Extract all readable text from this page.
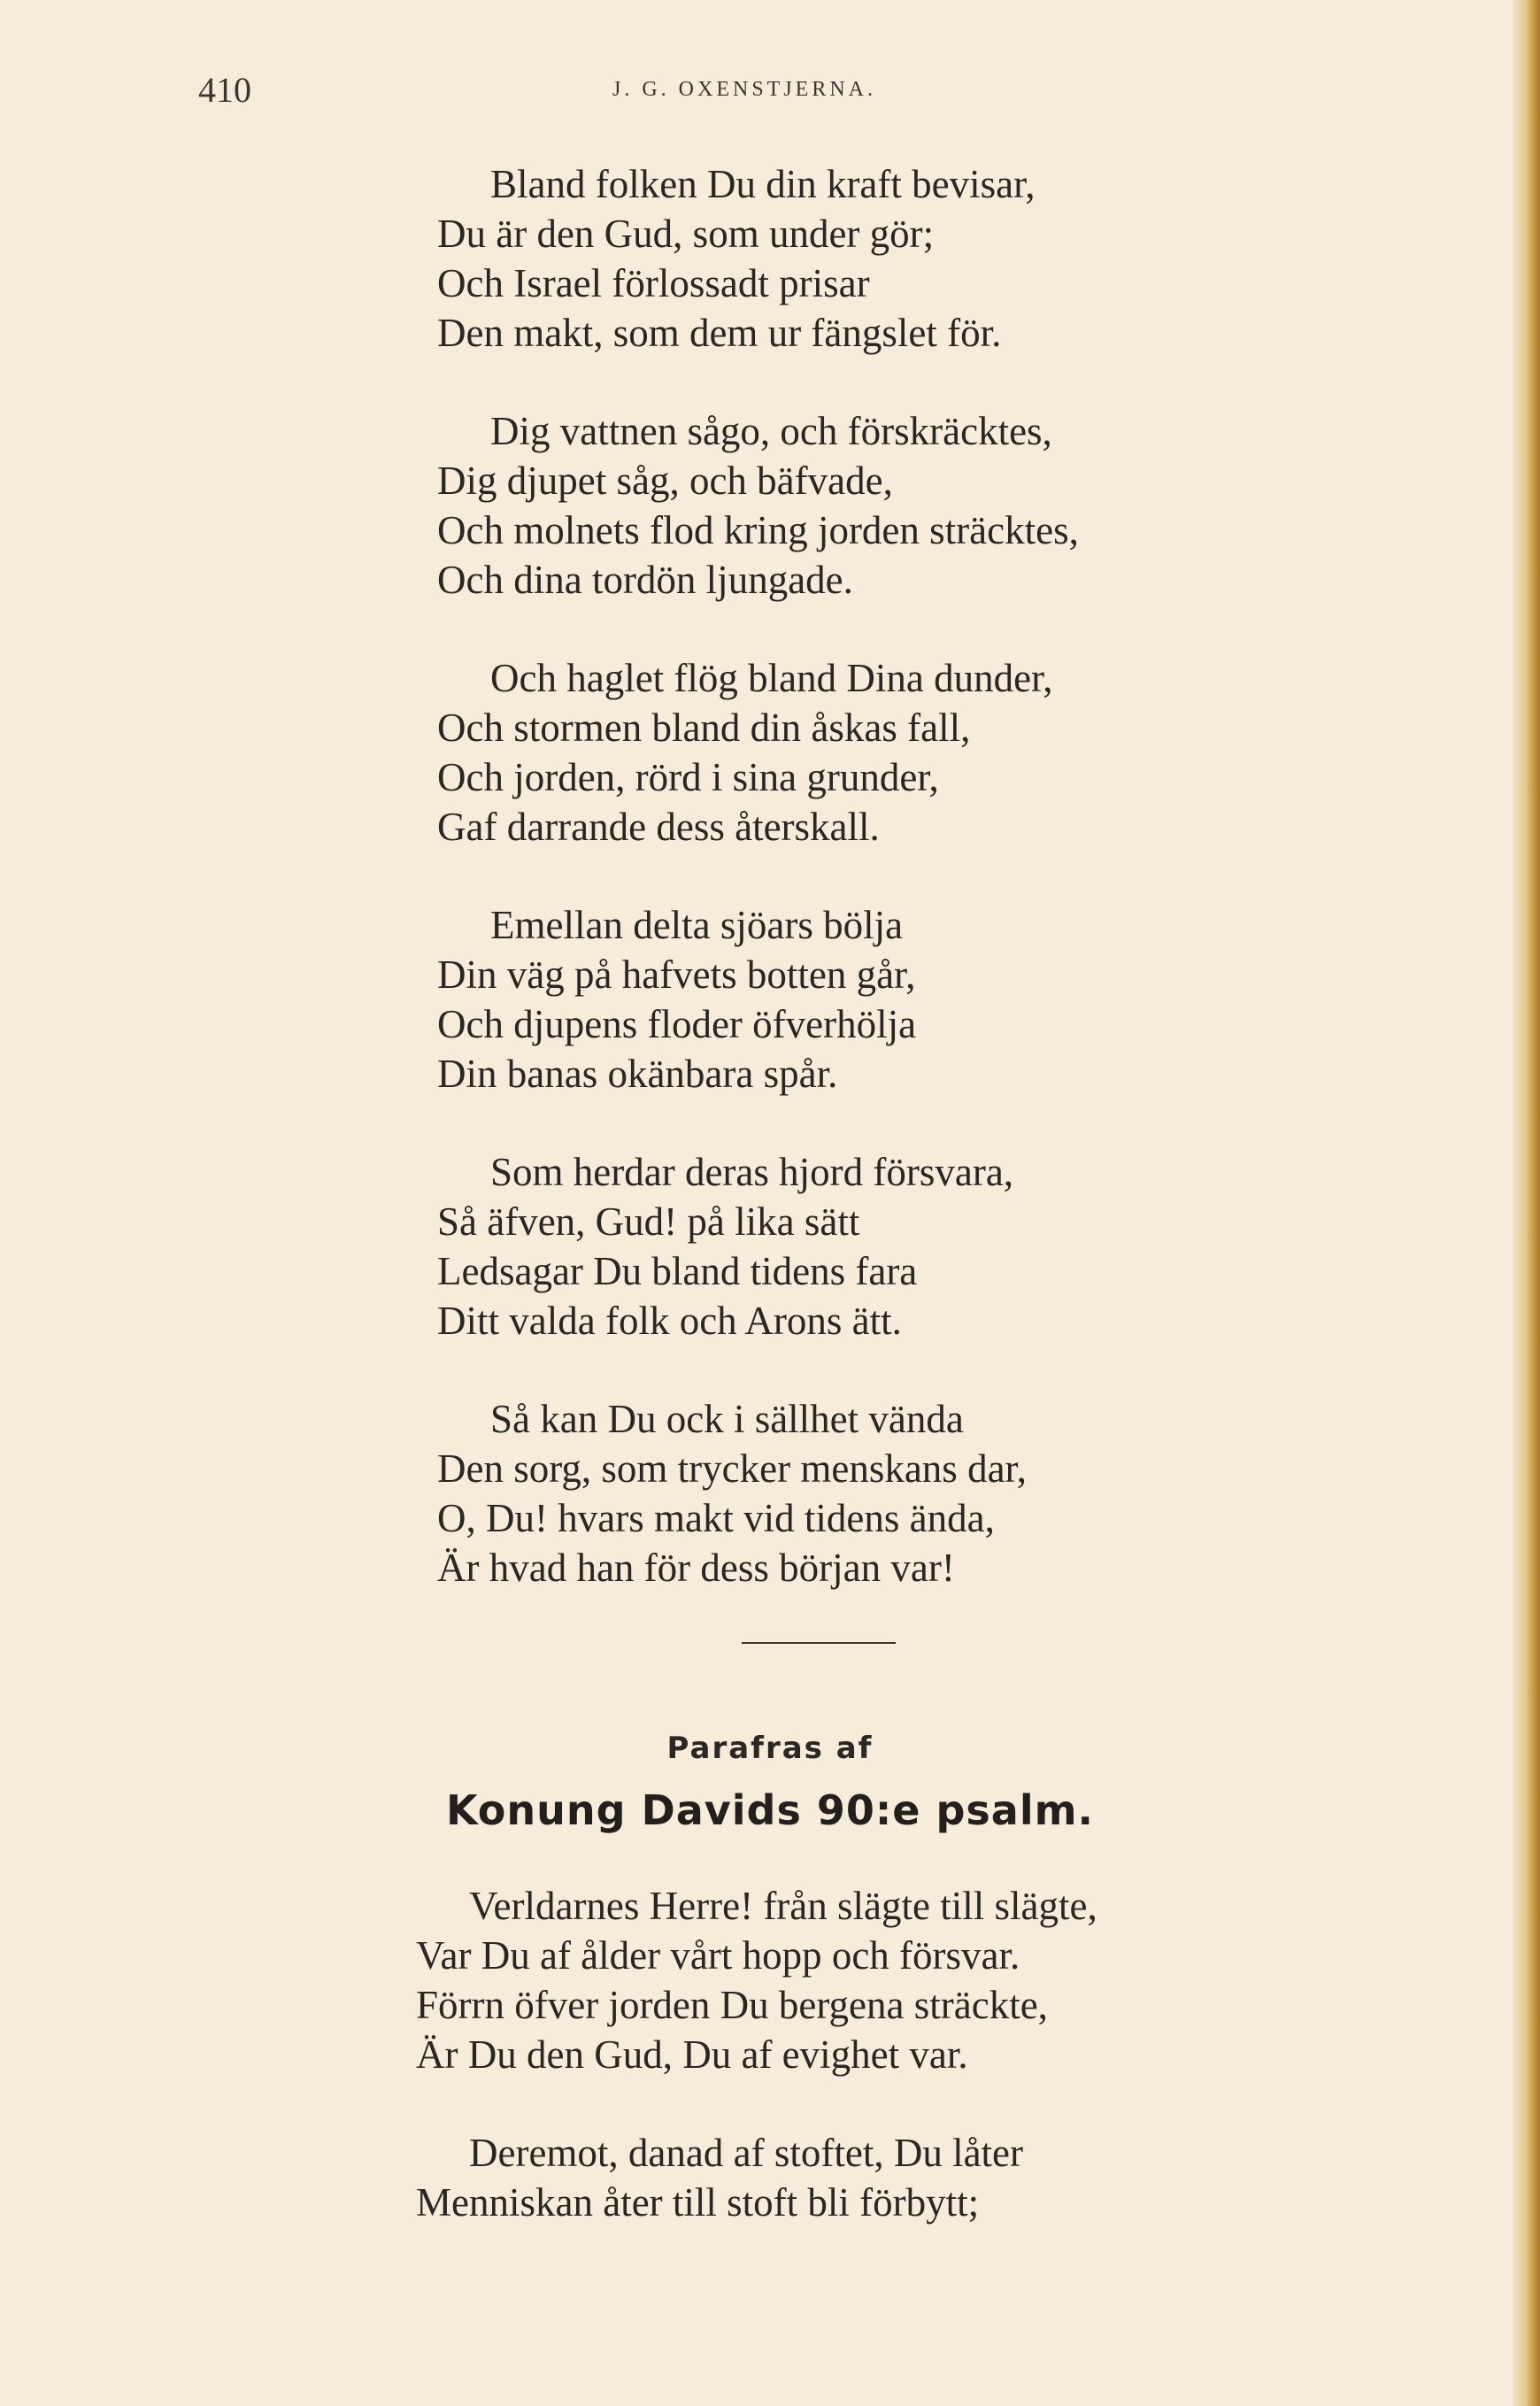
410	J. G. OXENSTJERNA.
Bland folken Du din kraft bevisar,
Du är den Gud, som under gör;
Och Israel förlossadt prisar
Den makt, som dem ur fängslet för.
Dig vattnen sågo, och förskräcktes,
Dig djupet såg, och bäfvade,
Och molnets flod kring jorden sträcktes,
Och dina tordön ljungade.
Och haglet flög bland Dina dunder,
Och stormen bland din åskas fall,
Och jorden, rörd i sina grunder,
Gaf darrande dess återskall.
Emellan delta sjöars bölja
Din väg på hafvets botten går,
Och djupens floder öfverhölja
Din banas okänbara spår.
Som herdar deras hjord försvara,
Så äfven, Gud! på lika sätt
Ledsagar Du bland tidens fara
Ditt valda folk och Arons ätt.
Så kan Du ock i sällhet vända
Den sorg, som trycker menskans dar,
O, Du! hvars makt vid tidens ända,
Är hvad han för dess början var!
Parafras af
Konung Davids 90:e psalm.
Verldarnes Herre! från slägte till slägte,
Var Du af ålder vårt hopp och försvar.
Förrn öfver jorden Du bergena sträckte,
Är Du den Gud, Du af evighet var.
Deremot, danad af stoftet, Du låter
Menniskan åter till stoft bli förbytt;
